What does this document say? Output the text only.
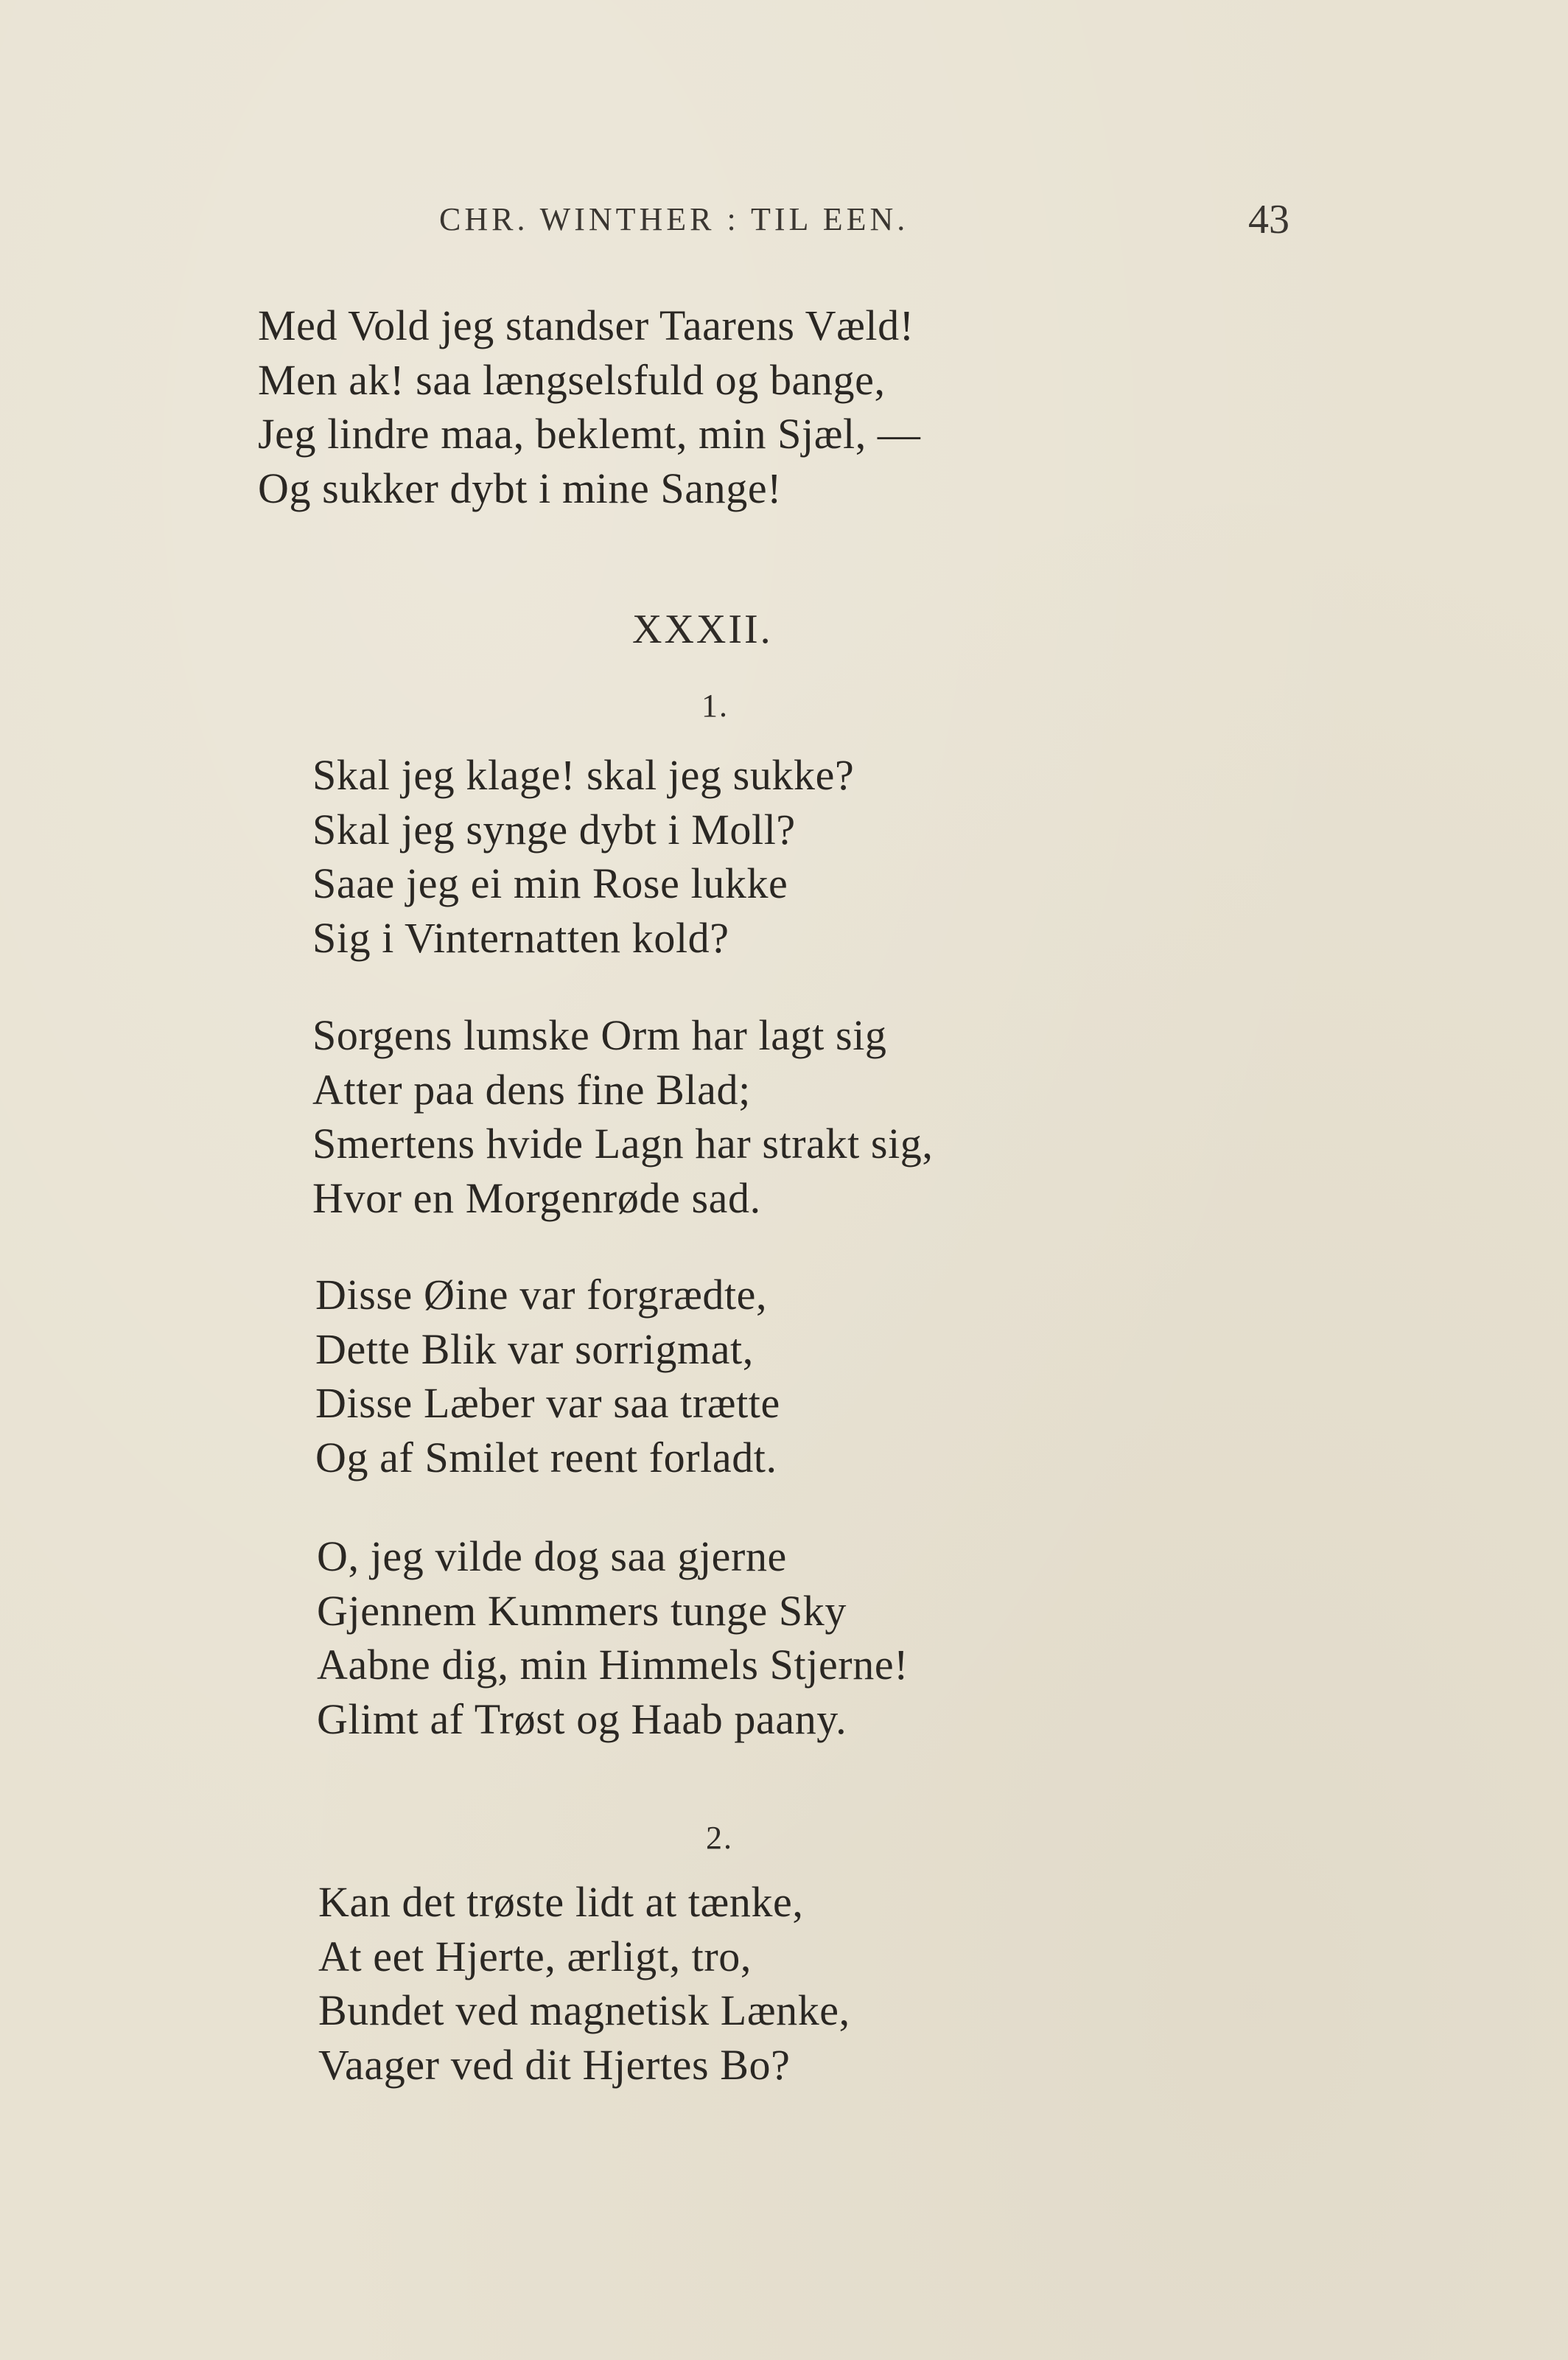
CHR. WINTHER : TIL EEN.	43
Med Vold jeg standser Taarens Væld!
Men ak! saa længselsfuld og bange,
Jeg lindre maa, beklemt, min Sjæl, —
Og sukker dybt i mine Sange!
XXXII.
1.
Skal jeg klage! skal jeg sukke?
Skal jeg synge dybt i Moll?
Saae jeg ei min Rose lukke
Sig i Vinternatten kold?
Sorgens lumske Orm har lagt sig
Atter paa dens fine Blad;
Smertens hvide Lagn har strakt sig,
Hvor en Morgenrøde sad.
Disse Øine var forgrædte,
Dette Blik var sorrigmat,
Disse Læber var saa trætte
Og af Smilet reent forladt.
O, jeg vilde dog saa gjerne
Gjennem Kummers tunge Sky
Aabne dig, min Himmels Stjerne!
Glimt af Trøst og Haab paany.
2.
Kan det trøste lidt at tænke,
At eet Hjerte, ærligt, tro,
Bundet ved magnetisk Lænke,
Vaager ved dit Hjertes Bo?
